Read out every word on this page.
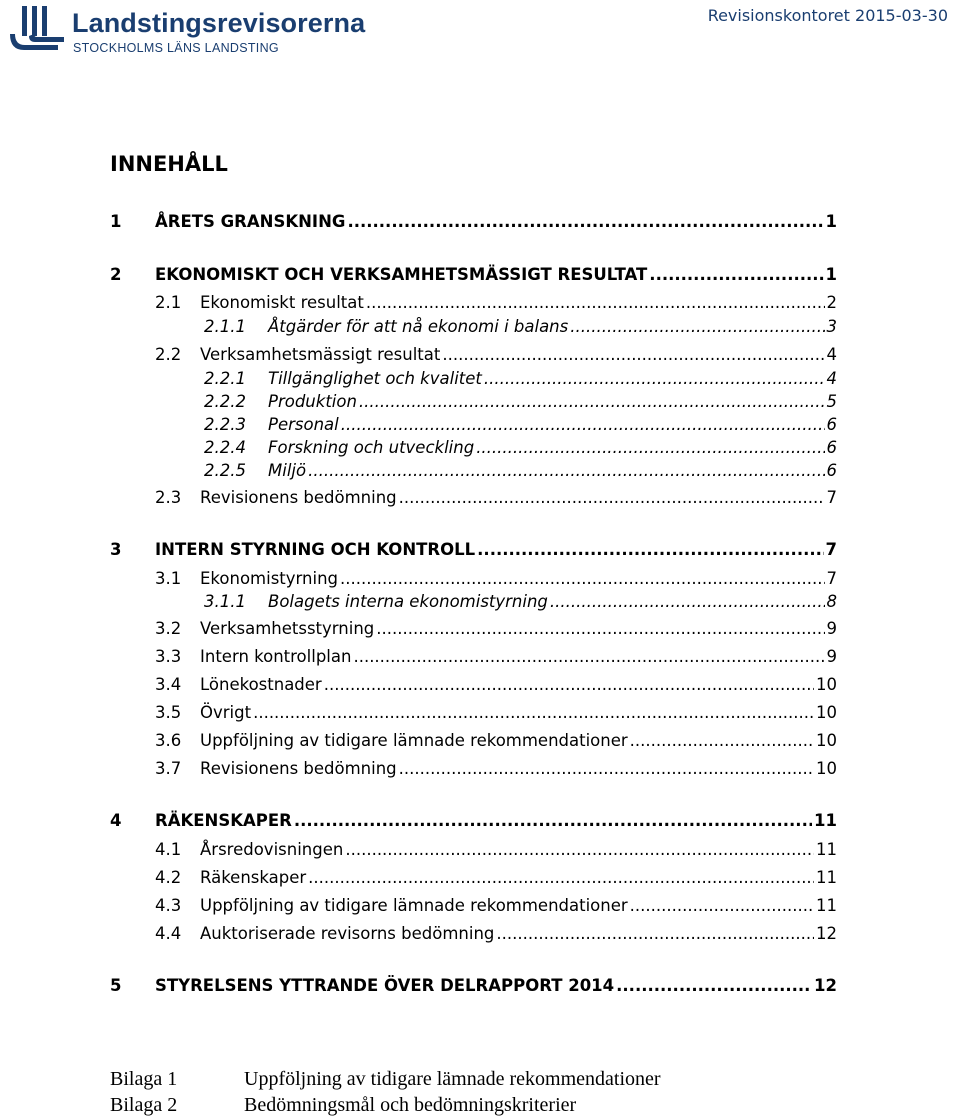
Landstingsrevisorerna
STOCKHOLMS LÄNS LANDSTING
Revisionskontoret 2015-03-30
INNEHÅLL
1	ÅRETS GRANSKNING .....	1
2	EKONOMISKT OCH VERKSAMHETSMÄSSIGT RESULTAT .....	1
2.1	Ekonomiskt resultat .....	2
2.1.1	Åtgärder för att nå ekonomi i balans .....	3
2.2	Verksamhetsmässigt resultat .....	4
2.2.1	Tillgänglighet och kvalitet .....	4
2.2.2	Produktion .....	5
2.2.3	Personal .....	6
2.2.4	Forskning och utveckling .....	6
2.2.5	Miljö .....	6
2.3	Revisionens bedömning .....	7
3	INTERN STYRNING OCH KONTROLL .....	7
3.1	Ekonomistyrning .....	7
3.1.1	Bolagets interna ekonomistyrning .....	8
3.2	Verksamhetsstyrning .....	9
3.3	Intern kontrollplan .....	9
3.4	Lönekostnader .....	10
3.5	Övrigt .....	10
3.6	Uppföljning av tidigare lämnade rekommendationer .....	10
3.7	Revisionens bedömning .....	10
4	RÄKENSKAPER .....	11
4.1	Årsredovisningen .....	11
4.2	Räkenskaper .....	11
4.3	Uppföljning av tidigare lämnade rekommendationer .....	11
4.4	Auktoriserade revisorns bedömning .....	12
5	STYRELSENS YTTRANDE ÖVER DELRAPPORT 2014 .....	12
Bilaga 1	Uppföljning av tidigare lämnade rekommendationer
Bilaga 2	Bedömningsmål och bedömningskriterier
